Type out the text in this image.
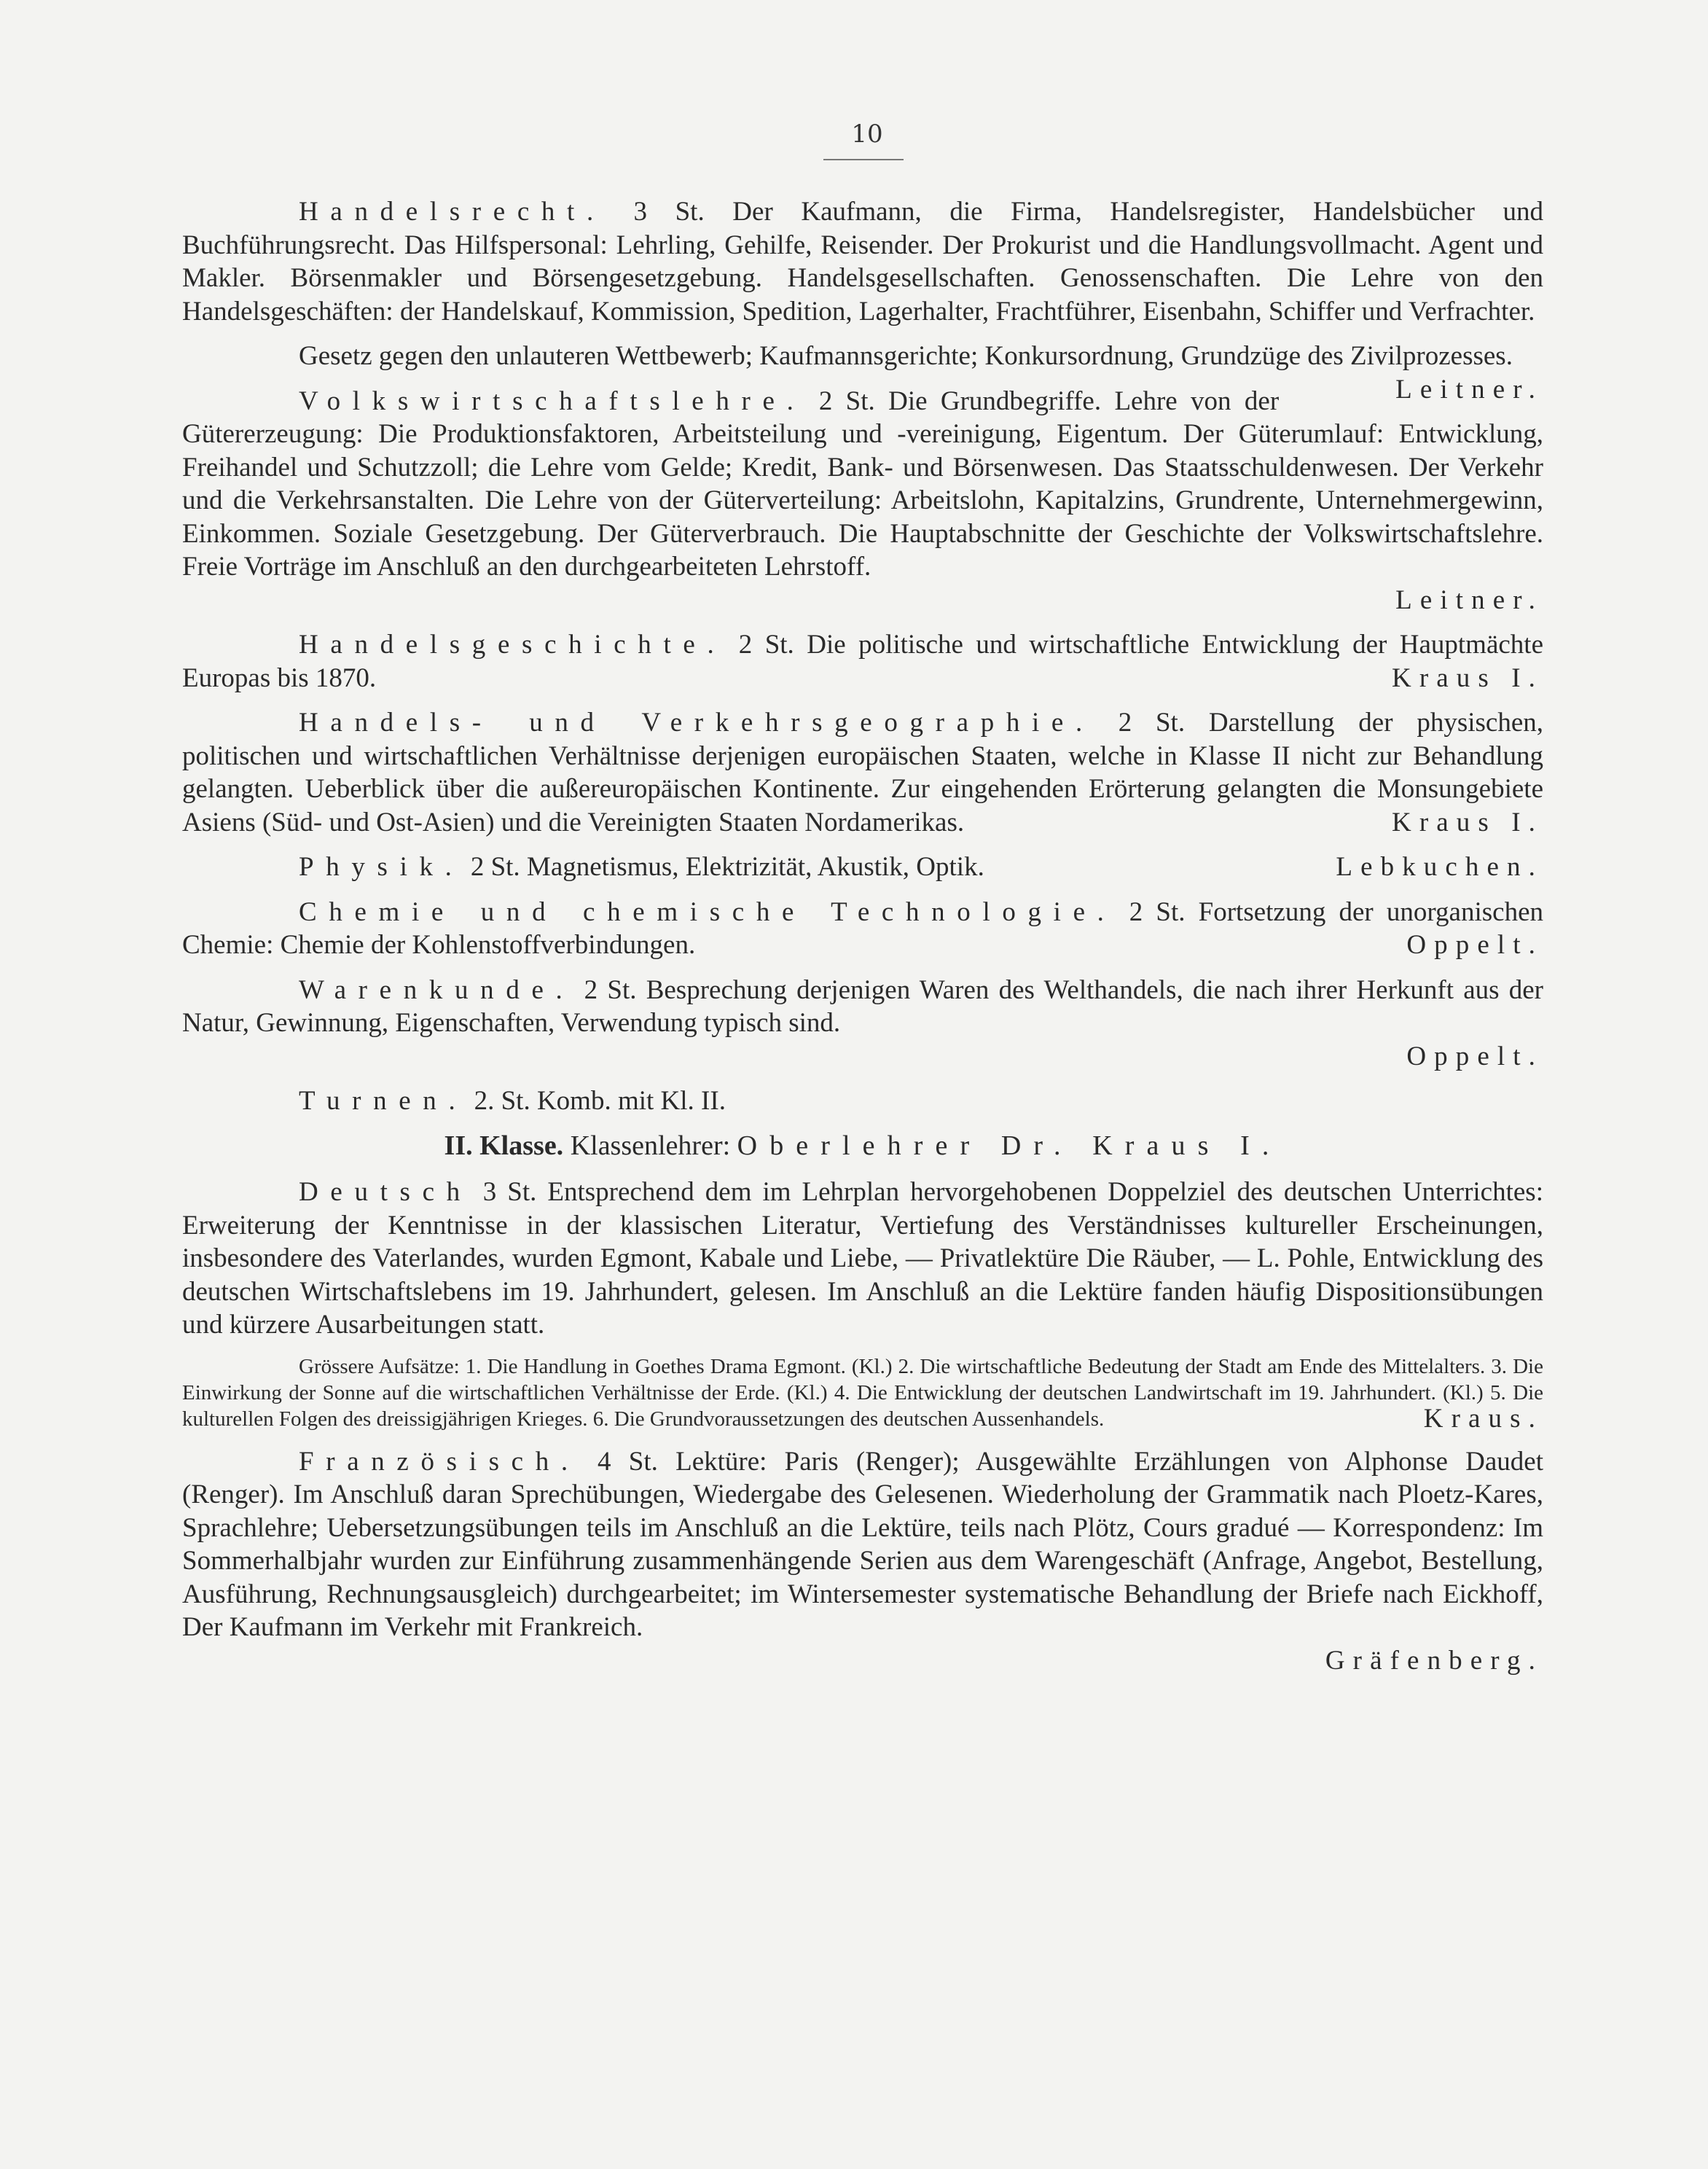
10

Handelsrecht. 3 St. Der Kaufmann, die Firma, Handelsregister, Handelsbücher und Buchführungsrecht. Das Hilfspersonal: Lehrling, Gehilfe, Reisender. Der Prokurist und die Handlungsvollmacht. Agent und Makler. Börsenmakler und Börsengesetzgebung. Handelsgesellschaften. Genossenschaften. Die Lehre von den Handelsgeschäften: der Handelskauf, Kommission, Spedition, Lagerhalter, Frachtführer, Eisenbahn, Schiffer und Verfrachter.

Gesetz gegen den unlauteren Wettbewerb; Kaufmannsgerichte; Konkursordnung, Grundzüge des Zivilprozesses.
Leitner.

Volkswirtschaftslehre. 2 St. Die Grundbegriffe. Lehre von der Gütererzeugung: Die Produktionsfaktoren, Arbeitsteilung und -vereinigung, Eigentum. Der Güterumlauf: Entwicklung, Freihandel und Schutzzoll; die Lehre vom Gelde; Kredit, Bank- und Börsenwesen. Das Staatsschuldenwesen. Der Verkehr und die Verkehrsanstalten. Die Lehre von der Güterverteilung: Arbeitslohn, Kapitalzins, Grundrente, Unternehmergewinn, Einkommen. Soziale Gesetzgebung. Der Güterverbrauch. Die Hauptabschnitte der Geschichte der Volkswirtschaftslehre. Freie Vorträge im Anschluß an den durchgearbeiteten Lehrstoff.
Leitner.

Handelsgeschichte. 2 St. Die politische und wirtschaftliche Entwicklung der Hauptmächte Europas bis 1870.	Kraus I.

Handels- und Verkehrsgeographie. 2 St. Darstellung der physischen, politischen und wirtschaftlichen Verhältnisse derjenigen europäischen Staaten, welche in Klasse II nicht zur Behandlung gelangten. Ueberblick über die außereuropäischen Kontinente. Zur eingehenden Erörterung gelangten die Monsungebiete Asiens (Süd- und Ost-Asien) und die Vereinigten Staaten Nordamerikas.	Kraus I.

Physik. 2 St. Magnetismus, Elektrizität, Akustik, Optik.	Lebkuchen.

Chemie und chemische Technologie. 2 St. Fortsetzung der unorganischen Chemie: Chemie der Kohlenstoffverbindungen.	Oppelt.

Warenkunde. 2 St. Besprechung derjenigen Waren des Welthandels, die nach ihrer Herkunft aus der Natur, Gewinnung, Eigenschaften, Verwendung typisch sind.
Oppelt.

Turnen. 2. St. Komb. mit Kl. II.

II. Klasse. Klassenlehrer: Oberlehrer Dr. Kraus I.

Deutsch 3 St. Entsprechend dem im Lehrplan hervorgehobenen Doppelziel des deutschen Unterrichtes: Erweiterung der Kenntnisse in der klassischen Literatur, Vertiefung des Verständnisses kultureller Erscheinungen, insbesondere des Vaterlandes, wurden Egmont, Kabale und Liebe, — Privatlektüre Die Räuber, — L. Pohle, Entwicklung des deutschen Wirtschaftslebens im 19. Jahrhundert, gelesen. Im Anschluß an die Lektüre fanden häufig Dispositionsübungen und kürzere Ausarbeitungen statt.

Grössere Aufsätze: 1. Die Handlung in Goethes Drama Egmont. (Kl.) 2. Die wirtschaftliche Bedeutung der Stadt am Ende des Mittelalters. 3. Die Einwirkung der Sonne auf die wirtschaftlichen Verhältnisse der Erde. (Kl.) 4. Die Entwicklung der deutschen Landwirtschaft im 19. Jahrhundert. (Kl.) 5. Die kulturellen Folgen des dreissigjährigen Krieges. 6. Die Grundvoraussetzungen des deutschen Aussenhandels.	Kraus.

Französisch. 4 St. Lektüre: Paris (Renger); Ausgewählte Erzählungen von Alphonse Daudet (Renger). Im Anschluß daran Sprechübungen, Wiedergabe des Gelesenen. Wiederholung der Grammatik nach Ploetz-Kares, Sprachlehre; Uebersetzungsübungen teils im Anschluß an die Lektüre, teils nach Plötz, Cours gradué — Korrespondenz: Im Sommerhalbjahr wurden zur Einführung zusammenhängende Serien aus dem Warengeschäft (Anfrage, Angebot, Bestellung, Ausführung, Rechnungsausgleich) durchgearbeitet; im Wintersemester systematische Behandlung der Briefe nach Eickhoff, Der Kaufmann im Verkehr mit Frankreich.
Gräfenberg.
